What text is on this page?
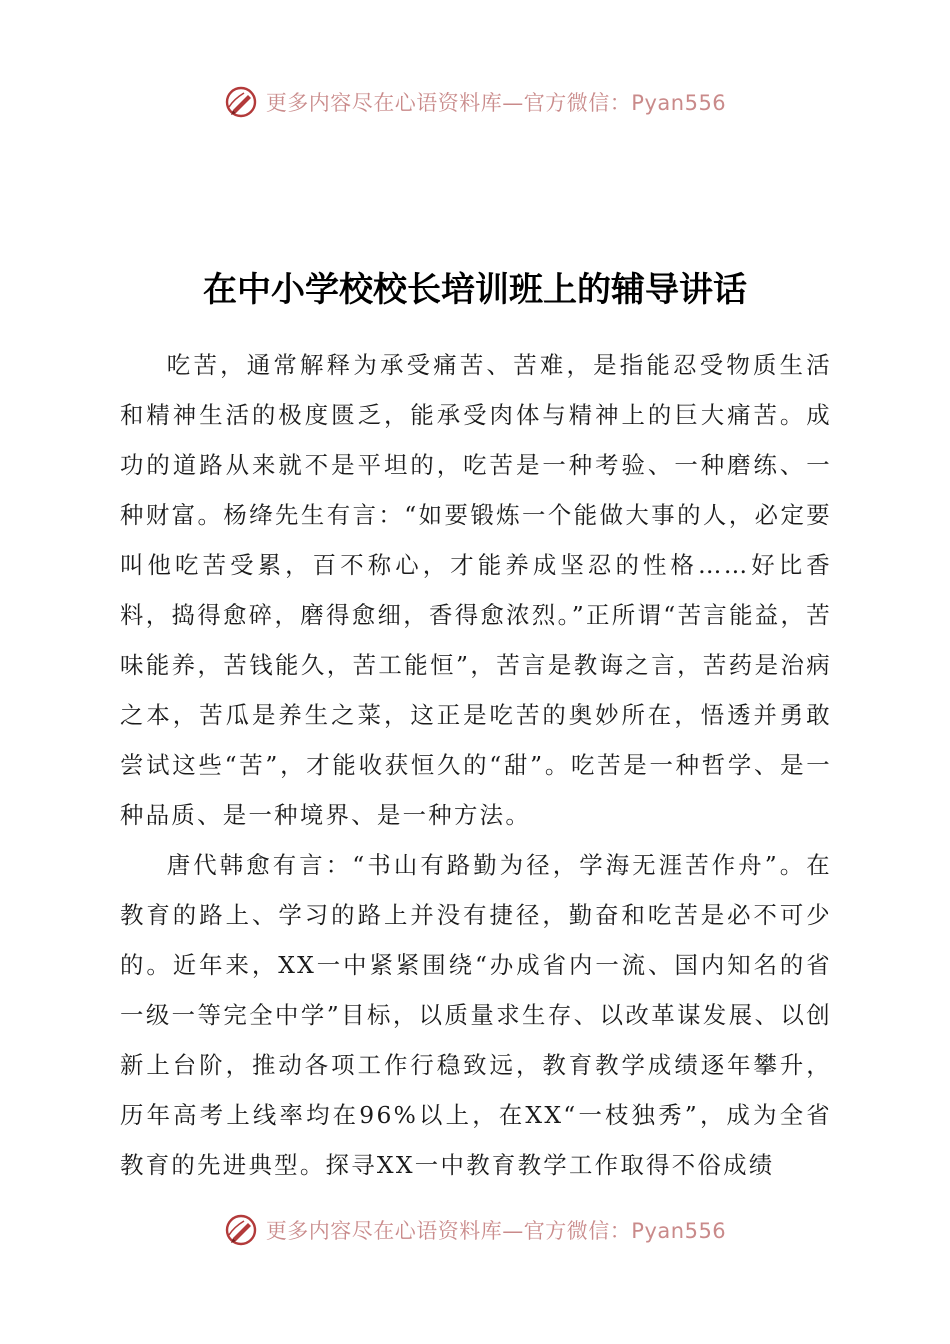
更多内容尽在心语资料库—官方微信：Pyan556
在中小学校校长培训班上的辅导讲话

吃苦，通常解释为承受痛苦、苦难，是指能忍受物质生活和精神生活的极度匮乏，能承受肉体与精神上的巨大痛苦。成功的道路从来就不是平坦的，吃苦是一种考验、一种磨练、一种财富。杨绛先生有言：“如要锻炼一个能做大事的人，必定要叫他吃苦受累，百不称心，才能养成坚忍的性格……好比香料，捣得愈碎，磨得愈细，香得愈浓烈。”正所谓“苦言能益，苦味能养，苦钱能久，苦工能恒”，苦言是教诲之言，苦药是治病之本，苦瓜是养生之菜，这正是吃苦的奥妙所在，悟透并勇敢尝试这些“苦”，才能收获恒久的“甜”。吃苦是一种哲学、是一种品质、是一种境界、是一种方法。

唐代韩愈有言：“书山有路勤为径，学海无涯苦作舟”。在教育的路上、学习的路上并没有捷径，勤奋和吃苦是必不可少的。近年来，XX一中紧紧围绕“办成省内一流、国内知名的省一级一等完全中学”目标，以质量求生存、以改革谋发展、以创新上台阶，推动各项工作行稳致远，教育教学成绩逐年攀升，历年高考上线率均在96%以上，在XX“一枝独秀”，成为全省教育的先进典型。探寻XX一中教育教学工作取得不俗成绩

更多内容尽在心语资料库—官方微信：Pyan556
